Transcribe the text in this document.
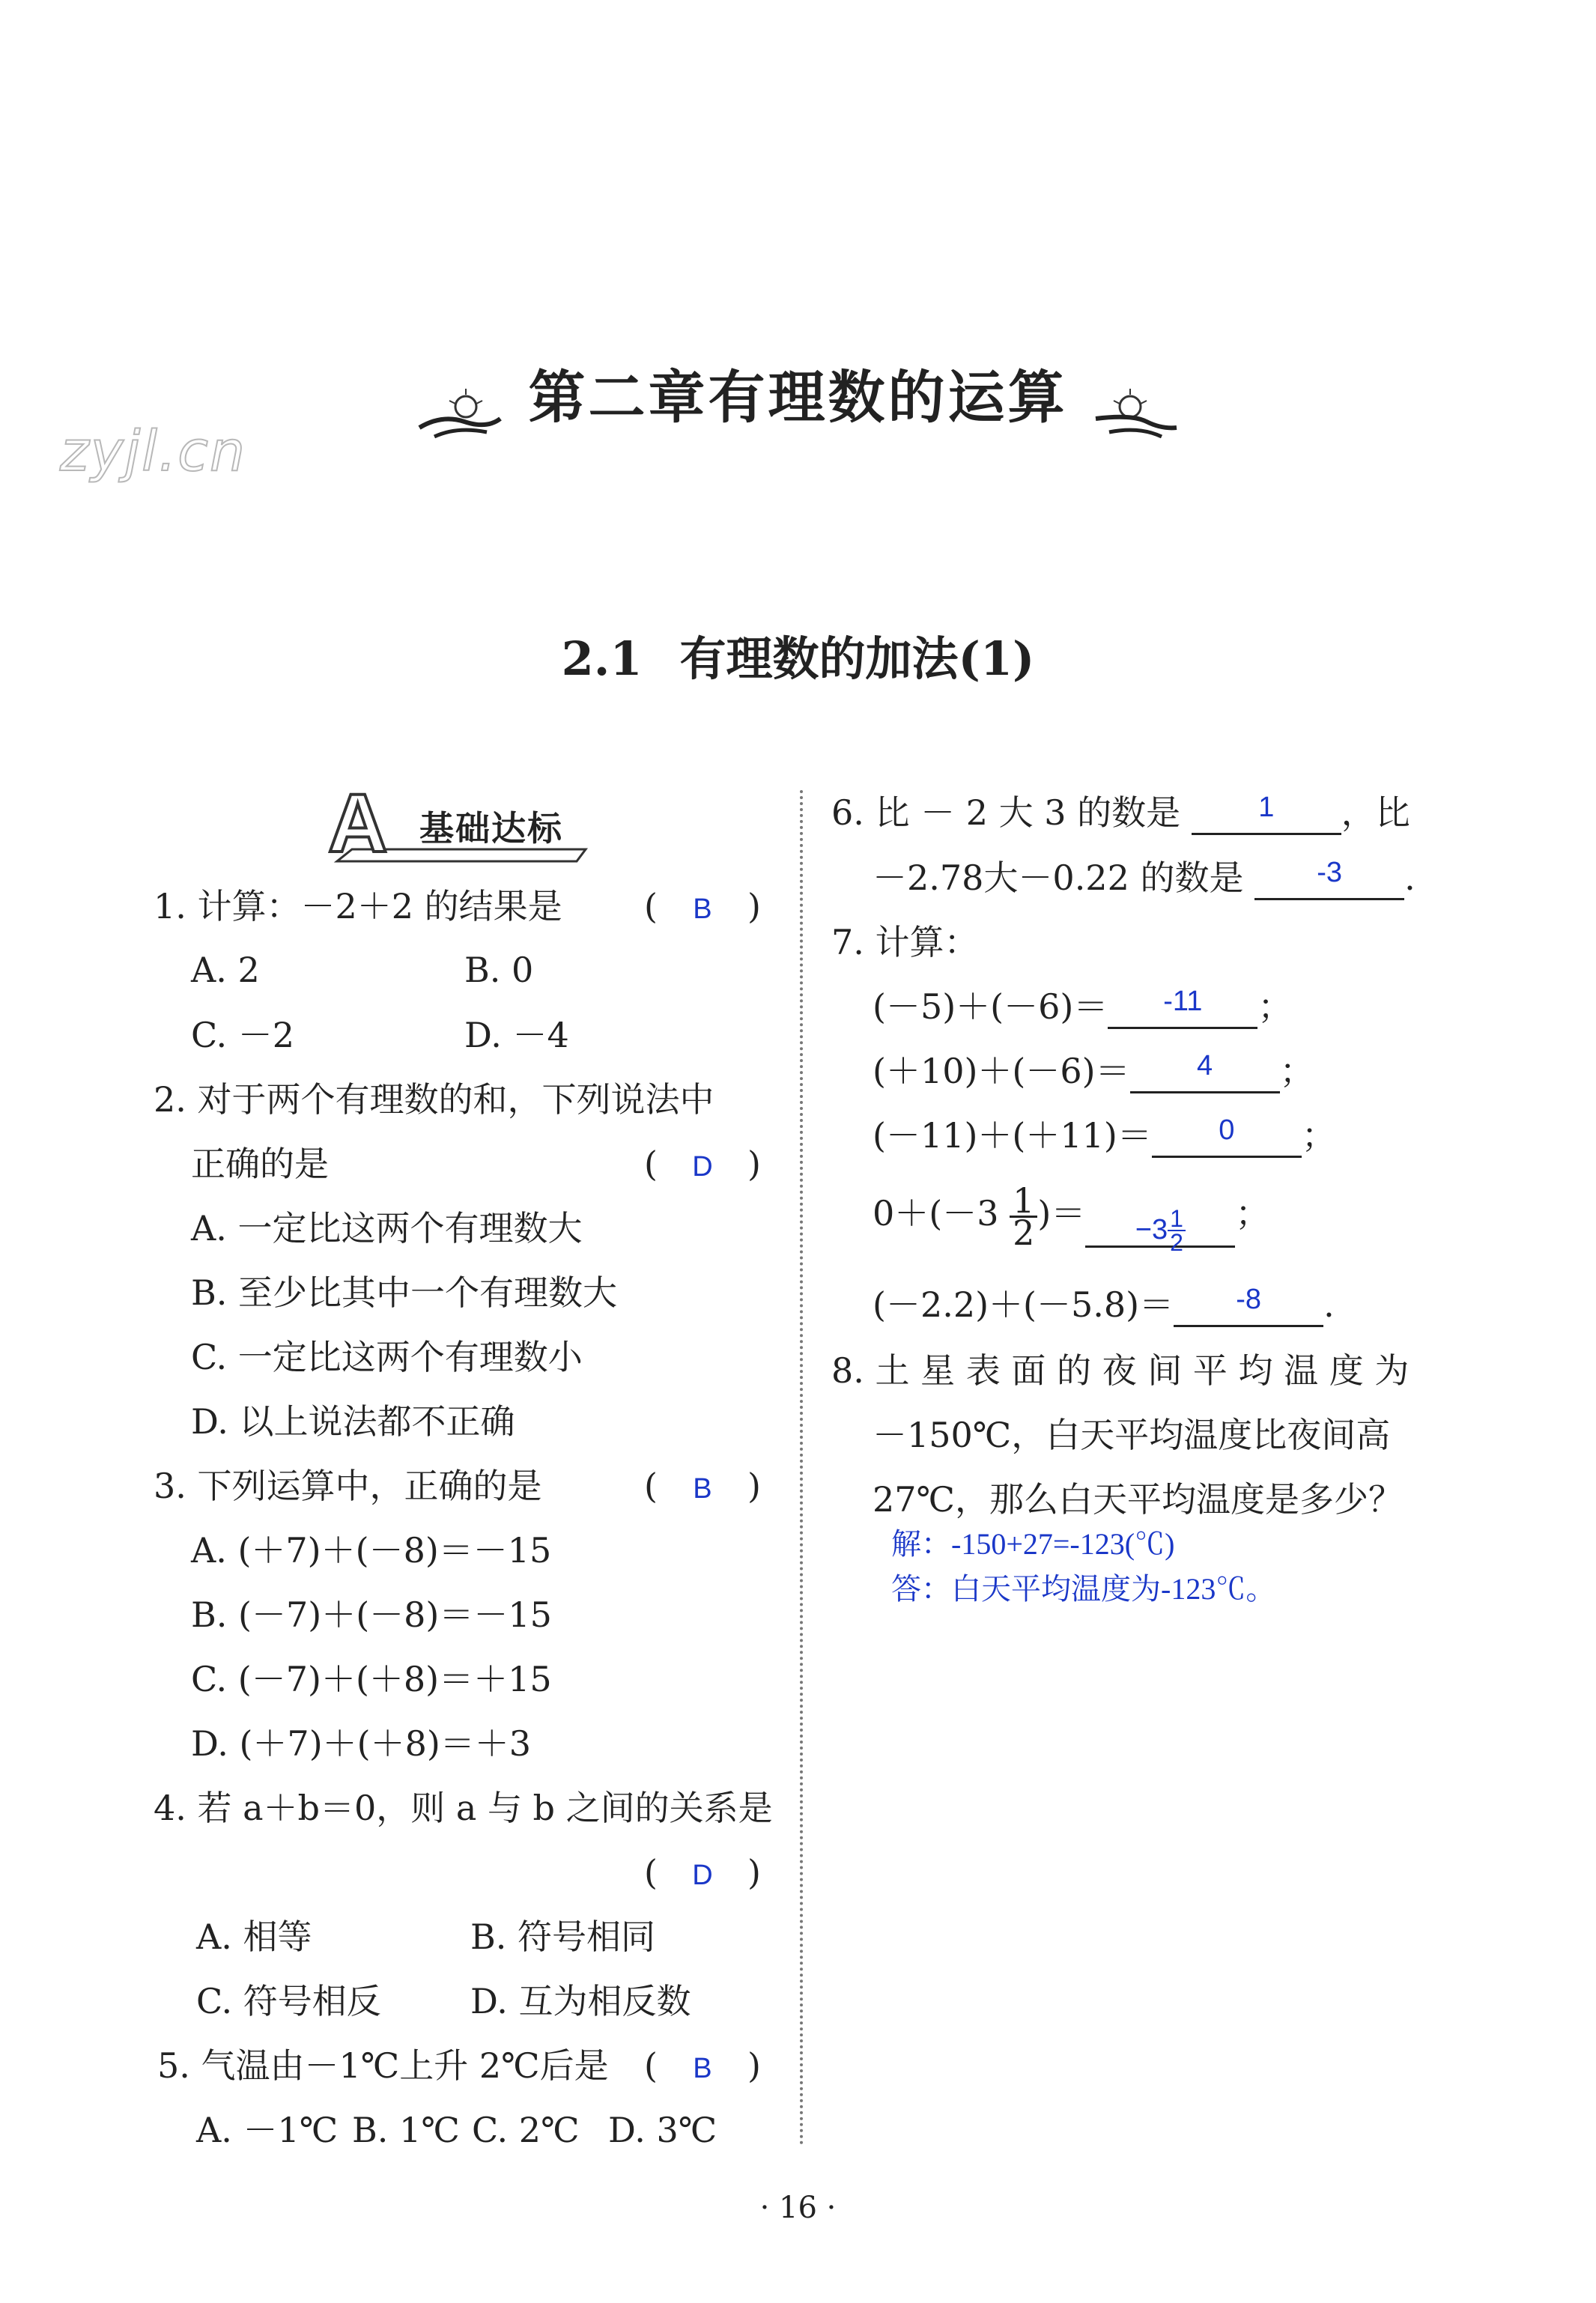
第二章有理数的运算
zyjl.cn
2.1 有理数的加法(1)
A 基础达标
1. 计算：－2＋2 的结果是 ( B )
A. 2	B. 0
C. －2	D. －4
2. 对于两个有理数的和，下列说法中
正确的是	( D )
A. 一定比这两个有理数大
B. 至少比其中一个有理数大
C. 一定比这两个有理数小
D. 以上说法都不正确
3. 下列运算中，正确的是	( B )
A. (＋7)＋(－8)＝－15
B. (－7)＋(－8)＝－15
C. (－7)＋(＋8)＝＋15
D. (＋7)＋(＋8)＝＋3
4. 若 a＋b＝0，则 a 与 b 之间的关系是
( D )
A. 相等	B. 符号相同
C. 符号相反	D. 互为相反数
5. 气温由－1℃上升 2℃后是 ( B )
A. －1℃ B. 1℃ C. 2℃ D. 3℃
6. 比 － 2 大 3 的数是	$^1$ ，比
－2.78大－0.22 的数是	$^{-3}$ .
7. 计算：
(－5)＋(－6)＝ $^{-11}$ ；
(＋10)＋(－6)＝ $^4$ ；
(－11)＋(＋11)＝ $^0$ ；
$0+(-3 \frac{1}{2}$ )＝ $^{-3 \frac{1}{2}}$ ；
(－2.2)＋(－5.8)＝ $^{-8}$ .
8. 土 星 表 面 的 夜 间 平 均 温 度 为
－150℃，白天平均温度比夜间高
27℃，那么白天平均温度是多少？
解：-150+27=-123(℃)
答：白天平均温度为-123℃。
· 16 ·
